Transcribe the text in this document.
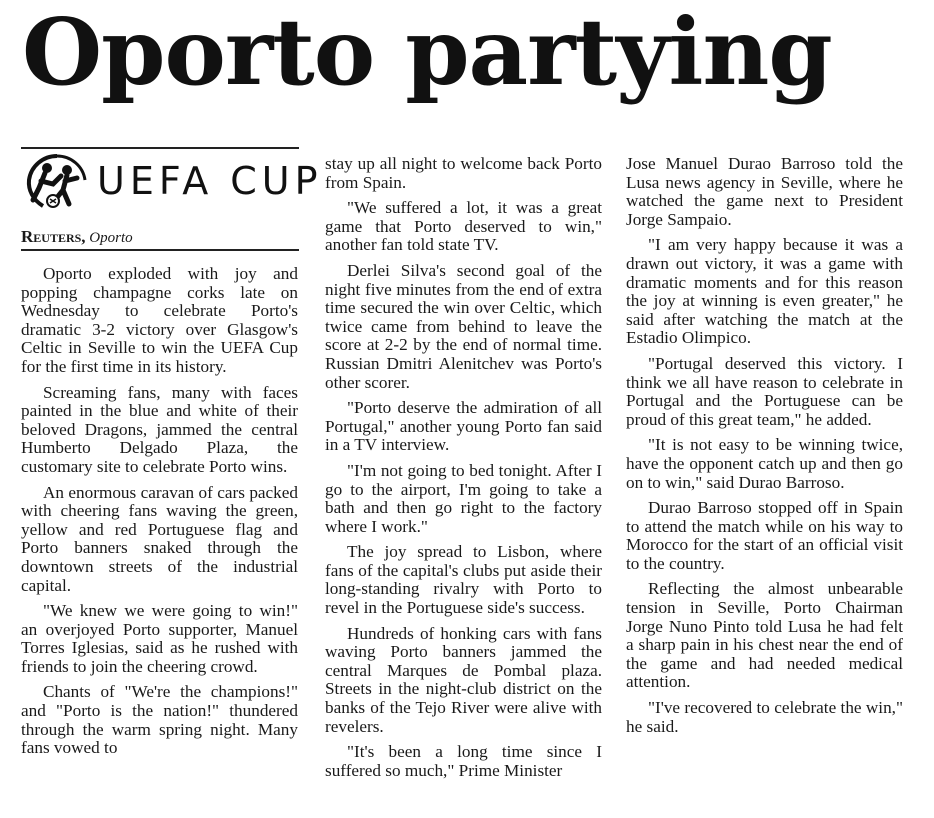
Oporto partying
UEFA CUP
Reuters, Oporto

Oporto exploded with joy and popping champagne corks late on Wednesday to celebrate Porto's dramatic 3-2 victory over Glasgow's Celtic in Seville to win the UEFA Cup for the first time in its history.

Screaming fans, many with faces painted in the blue and white of their beloved Dragons, jammed the central Humberto Delgado Plaza, the customary site to celebrate Porto wins.

An enormous caravan of cars packed with cheering fans waving the green, yellow and red Portuguese flag and Porto banners snaked through the downtown streets of the industrial capital.

"We knew we were going to win!" an overjoyed Porto supporter, Manuel Torres Iglesias, said as he rushed with friends to join the cheering crowd.

Chants of "We're the champions!" and "Porto is the nation!" thundered through the warm spring night. Many fans vowed to

stay up all night to welcome back Porto from Spain.

"We suffered a lot, it was a great game that Porto deserved to win," another fan told state TV.

Derlei Silva's second goal of the night five minutes from the end of extra time secured the win over Celtic, which twice came from behind to leave the score at 2-2 by the end of normal time. Russian Dmitri Alenitchev was Porto's other scorer.

"Porto deserve the admiration of all Portugal," another young Porto fan said in a TV interview.

"I'm not going to bed tonight. After I go to the airport, I'm going to take a bath and then go right to the factory where I work."

The joy spread to Lisbon, where fans of the capital's clubs put aside their long-standing rivalry with Porto to revel in the Portuguese side's success.

Hundreds of honking cars with fans waving Porto banners jammed the central Marques de Pombal plaza. Streets in the night-club district on the banks of the Tejo River were alive with revelers.

"It's been a long time since I suffered so much," Prime Minister

Jose Manuel Durao Barroso told the Lusa news agency in Seville, where he watched the game next to President Jorge Sampaio.

"I am very happy because it was a drawn out victory, it was a game with dramatic moments and for this reason the joy at winning is even greater," he said after watching the match at the Estadio Olimpico.

"Portugal deserved this victory. I think we all have reason to celebrate in Portugal and the Portuguese can be proud of this great team," he added.

"It is not easy to be winning twice, have the opponent catch up and then go on to win," said Durao Barroso.

Durao Barroso stopped off in Spain to attend the match while on his way to Morocco for the start of an official visit to the country.

Reflecting the almost unbearable tension in Seville, Porto Chairman Jorge Nuno Pinto told Lusa he had felt a sharp pain in his chest near the end of the game and had needed medical attention.

"I've recovered to celebrate the win," he said.
